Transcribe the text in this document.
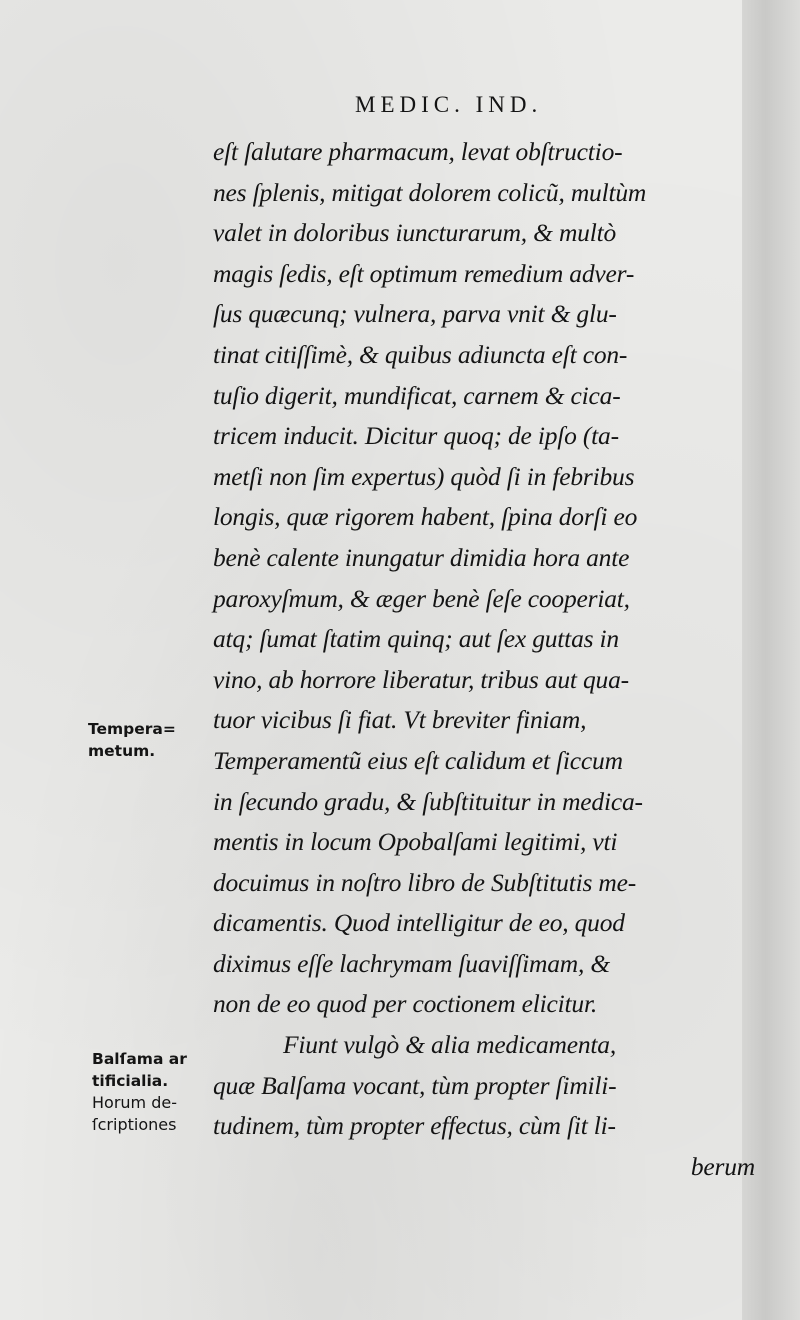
MEDIC. IND.
eſt ſalutare pharmacum, levat obſtructio-
nes ſplenis, mitigat dolorem colicũ, multùm
valet in doloribus iuncturarum, & multò
magis ſedis, eſt optimum remedium adver-
ſus quæcunq; vulnera, parva vnit & glu-
tinat citiſſimè, & quibus adiuncta eſt con-
tuſio digerit, mundificat, carnem & cica-
tricem inducit. Dicitur quoq; de ipſo (ta-
metſi non ſim expertus) quòd ſi in febribus
longis, quæ rigorem habent, ſpina dorſi eo
benè calente inungatur dimidia hora ante
paroxyſmum, & æger benè ſeſe cooperiat,
atq; ſumat ſtatim quinq; aut ſex guttas in
vino, ab horrore liberatur, tribus aut qua-
tuor vicibus ſi fiat. Vt breviter finiam,
Temperamentũ eius eſt calidum et ſiccum
in ſecundo gradu, & ſubſtituitur in medica-
mentis in locum Opobalſami legitimi, vti
docuimus in noſtro libro de Subſtitutis me-
dicamentis. Quod intelligitur de eo, quod
diximus eſſe lachrymam ſuaviſſimam, &
non de eo quod per coctionem elicitur.
Fiunt vulgò & alia medicamenta,
quæ Balſama vocant, tùm propter ſimili-
tudinem, tùm propter effectus, cùm ſit li-
berum
Tempera=
metum.
Balſama ar
tificialia.
Horum de-
ſcriptiones
